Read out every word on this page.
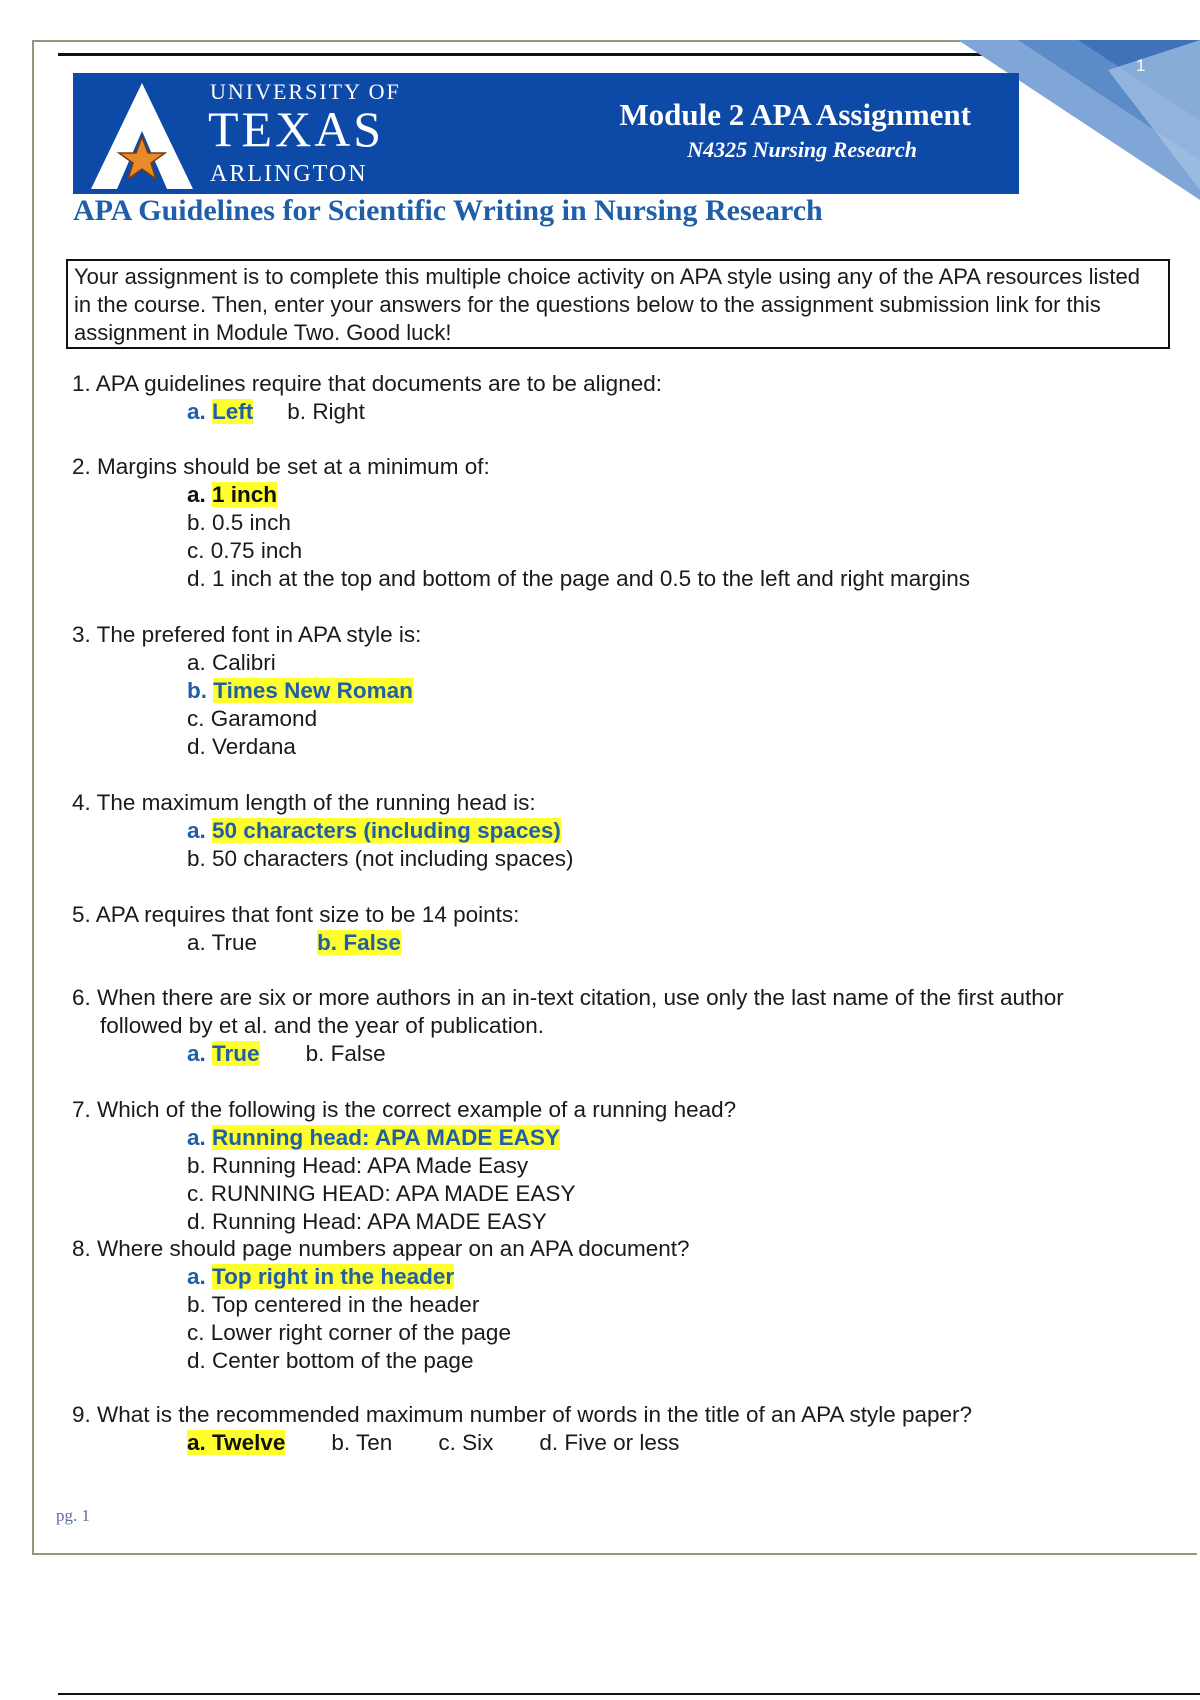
1
UNIVERSITY OF
TEXAS
ARLINGTON
Module 2 APA Assignment
N4325 Nursing Research
APA Guidelines for Scientific Writing in Nursing Research
Your assignment is to complete this multiple choice activity on APA style using any of the APA resources listed in the course. Then, enter your answers for the questions below to the assignment submission link for this assignment in Module Two. Good luck!
1. APA guidelines require that documents are to be aligned:
a. Left b. Right
2. Margins should be set at a minimum of:
a. 1 inch
b. 0.5 inch
c. 0.75 inch
d. 1 inch at the top and bottom of the page and 0.5 to the left and right margins
3. The prefered font in APA style is:
a. Calibri
b. Times New Roman
c. Garamond
d. Verdana
4. The maximum length of the running head is:
a. 50 characters (including spaces)
b. 50 characters (not including spaces)
5. APA requires that font size to be 14 points:
a. True	b. False
6. When there are six or more authors in an in-text citation, use only the last name of the first author
followed by et al. and the year of publication.
a. True b. False
7. Which of the following is the correct example of a running head?
a. Running head: APA MADE EASY
b. Running Head: APA Made Easy
c. RUNNING HEAD: APA MADE EASY
d. Running Head: APA MADE EASY
8. Where should page numbers appear on an APA document?
a. Top right in the header
b. Top centered in the header
c. Lower right corner of the page
d. Center bottom of the page
9. What is the recommended maximum number of words in the title of an APA style paper?
a. Twelve b. Ten c. Six d. Five or less
pg. 1
